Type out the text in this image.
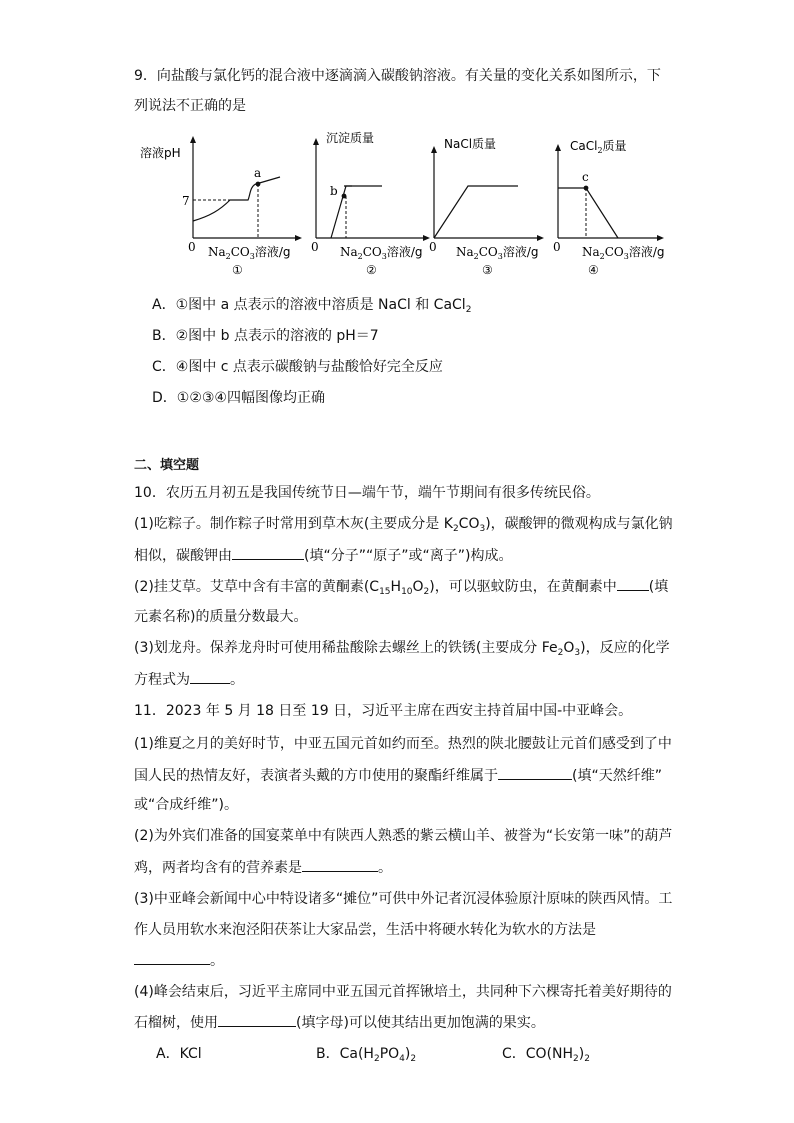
9．向盐酸与氯化钙的混合液中逐滴滴入碳酸钠溶液。有关量的变化关系如图所示，下
列说法不正确的是
溶液pH
7
a
0 $Na_2CO_3$溶液/g
①
沉淀质量
b
0 $Na_2CO_3$溶液/g
②
NaCl质量
0 $Na_2CO_3$溶液/g
③
CaCl$_2$质量
c
0 $Na_2CO_3$溶液/g
④
A．①图中 a 点表示的溶液中溶质是 NaCl 和 CaCl$_2$
B．②图中 b 点表示的溶液的 pH＝7
C．④图中 c 点表示碳酸钠与盐酸恰好完全反应
D．①②③④四幅图像均正确
二、填空题
10．农历五月初五是我国传统节日—端午节，端午节期间有很多传统民俗。
(1)吃粽子。制作粽子时常用到草木灰(主要成分是 $K_2CO_3$)，碳酸钾的微观构成与氯化钠
相似，碳酸钾由	(填“分子”“原子”或“离子”)构成。
(2)挂艾草。艾草中含有丰富的黄酮素$(C_{15}H_{10}O_2)$，可以驱蚊防虫，在黄酮素中 (填
元素名称)的质量分数最大。
(3)划龙舟。保养龙舟时可使用稀盐酸除去螺丝上的铁锈(主要成分 $Fe_2O_3$)，反应的化学
方程式为	。
11．2023 年 5 月 18 日至 19 日，习近平主席在西安主持首届中国-中亚峰会。
(1)维夏之月的美好时节，中亚五国元首如约而至。热烈的陕北腰鼓让元首们感受到了中
国人民的热情友好，表演者头戴的方巾使用的聚酯纤维属于	(填“天然纤维”
或“合成纤维”)。
(2)为外宾们准备的国宴菜单中有陕西人熟悉的紫云横山羊、被誉为“长安第一味”的葫芦
鸡，两者均含有的营养素是	。
(3)中亚峰会新闻中心中特设诸多“摊位”可供中外记者沉浸体验原汁原味的陕西风情。工
作人员用软水来泡泾阳茯茶让大家品尝，生活中将硬水转化为软水的方法是
。
(4)峰会结束后，习近平主席同中亚五国元首挥锹培土，共同种下六棵寄托着美好期待的
石榴树，使用	(填字母)可以使其结出更加饱满的果实。
A．KCl	B．$Ca(H_2PO_4)_2$	C．$CO(NH_2)_2$
